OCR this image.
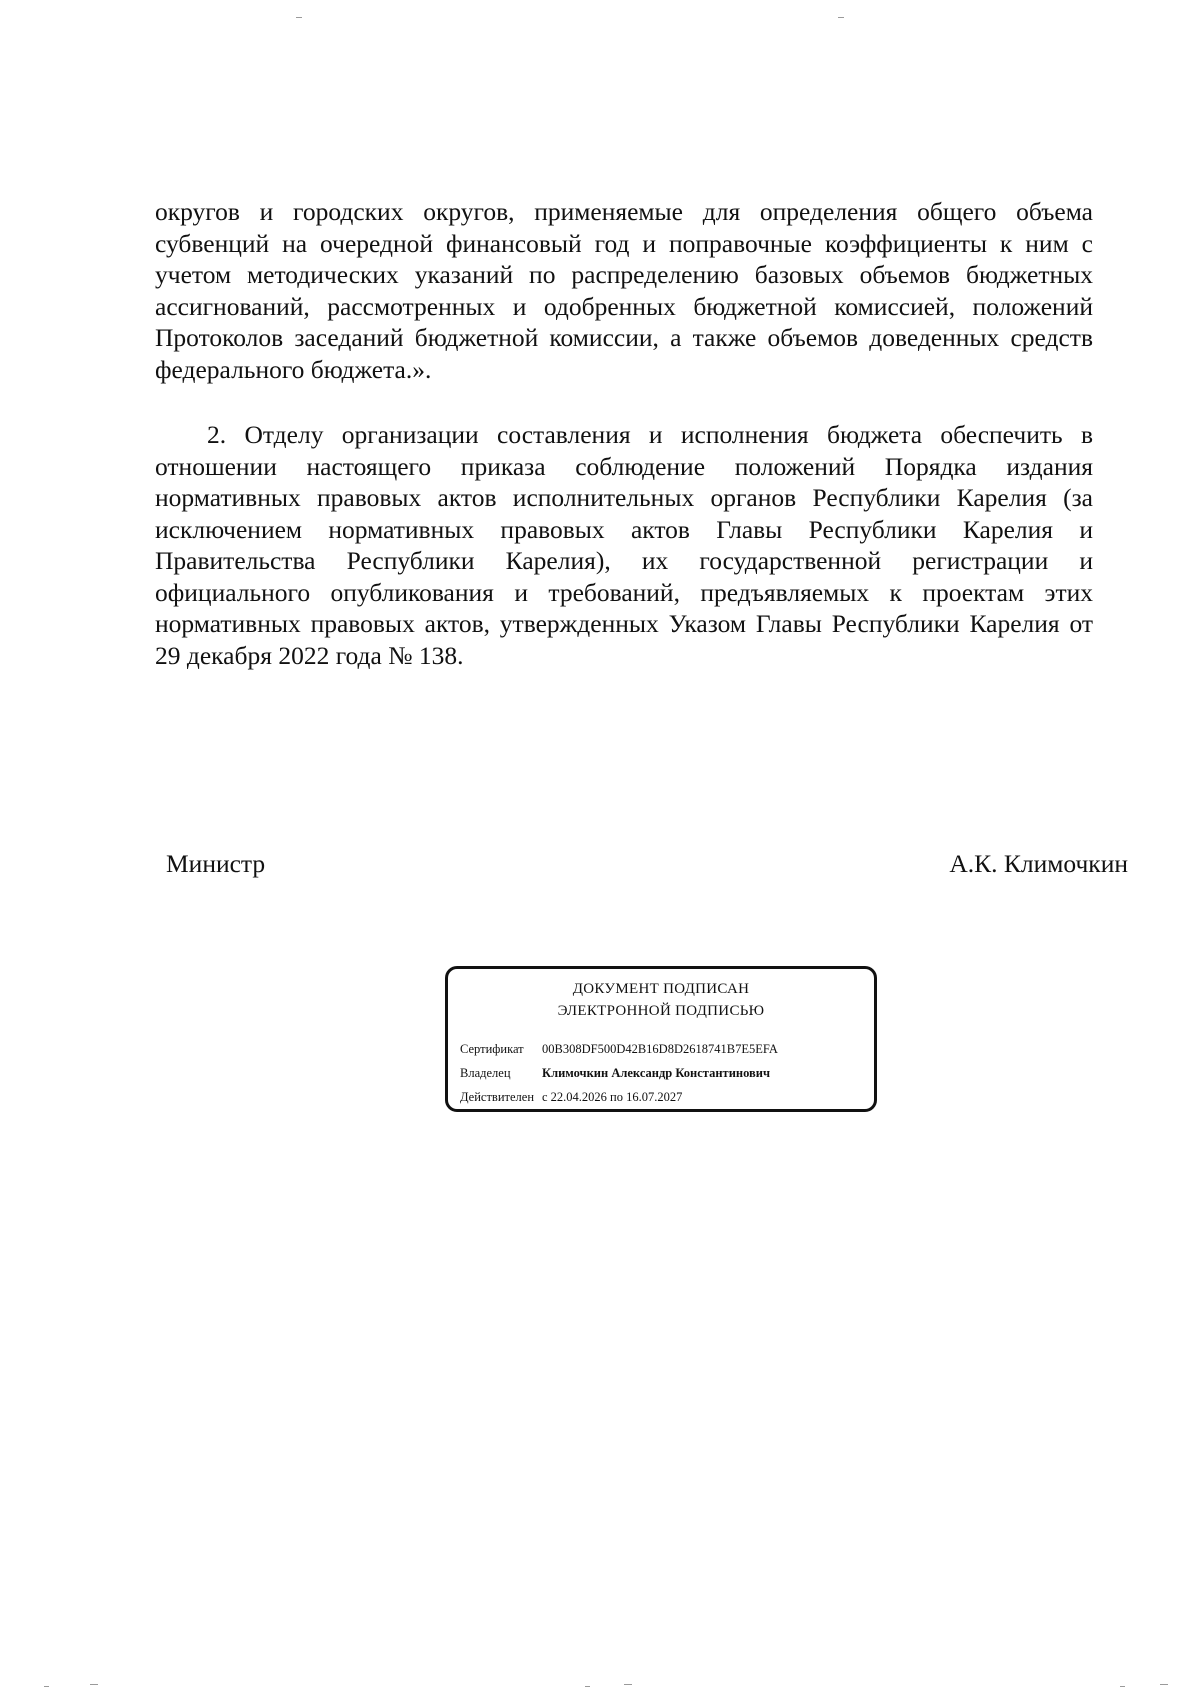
округов и городских округов, применяемые для определения общего объема субвенций на очередной финансовый год и поправочные коэффициенты к ним с учетом методических указаний по распределению базовых объемов бюджетных ассигнований, рассмотренных и одобренных бюджетной комиссией, положений Протоколов заседаний бюджетной комиссии, а также объемов доведенных средств федерального бюджета.».

2. Отделу организации составления и исполнения бюджета обеспечить в отношении настоящего приказа соблюдение положений Порядка издания нормативных правовых актов исполнительных органов Республики Карелия (за исключением нормативных правовых актов Главы Республики Карелия и Правительства Республики Карелия), их государственной регистрации и официального опубликования и требований, предъявляемых к проектам этих нормативных правовых актов, утвержденных Указом Главы Республики Карелия от 29 декабря 2022 года № 138.

Министр	А.К. Климочкин
ДОКУМЕНТ ПОДПИСАН
ЭЛЕКТРОННОЙ ПОДПИСЬЮ
Сертификат 00B308DF500D42B16D8D2618741B7E5EFA
Владелец	Климочкин Александр Константинович
Действителен с 22.04.2026 по 16.07.2027
